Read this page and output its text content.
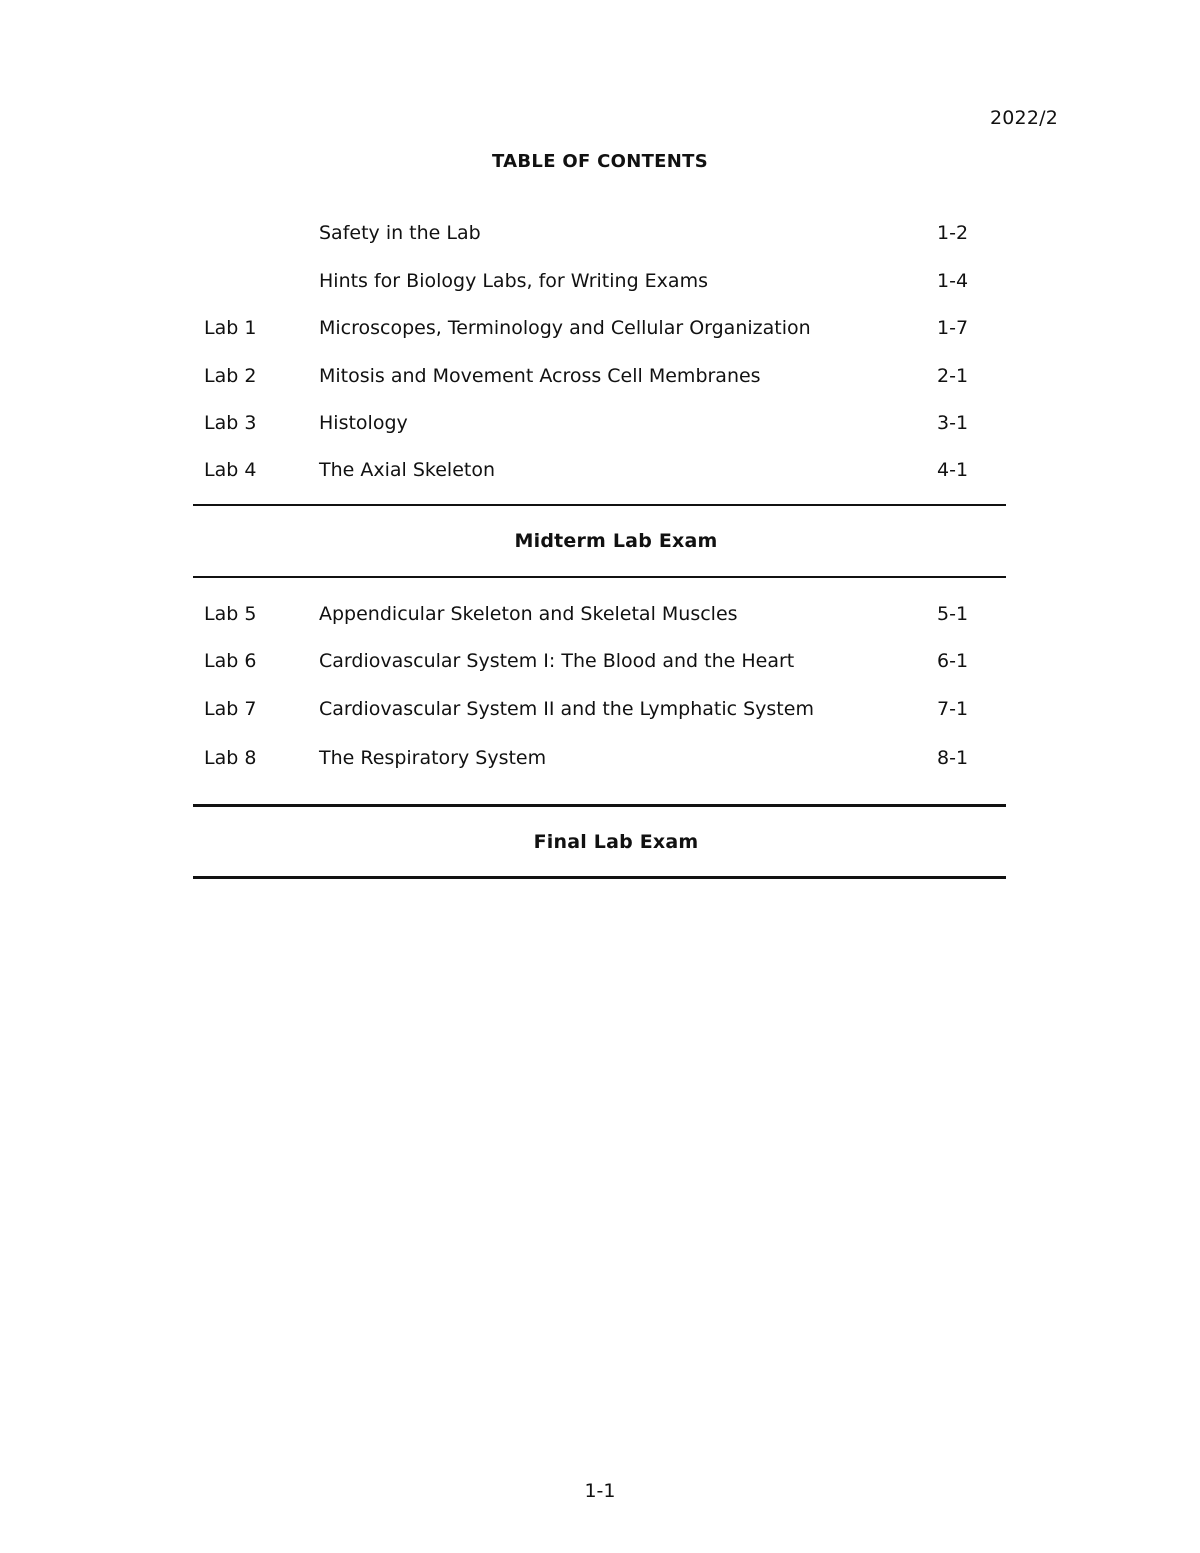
2022/2
TABLE OF CONTENTS
Safety in the Lab	1-2
Hints for Biology Labs, for Writing Exams	1-4
Lab 1	Microscopes, Terminology and Cellular Organization	1-7
Lab 2	Mitosis and Movement Across Cell Membranes	2-1
Lab 3	Histology	3-1
Lab 4	The Axial Skeleton	4-1
Midterm Lab Exam
Lab 5	Appendicular Skeleton and Skeletal Muscles	5-1
Lab 6	Cardiovascular System I: The Blood and the Heart	6-1
Lab 7	Cardiovascular System II and the Lymphatic System	7-1
Lab 8	The Respiratory System	8-1
Final Lab Exam
1-1
